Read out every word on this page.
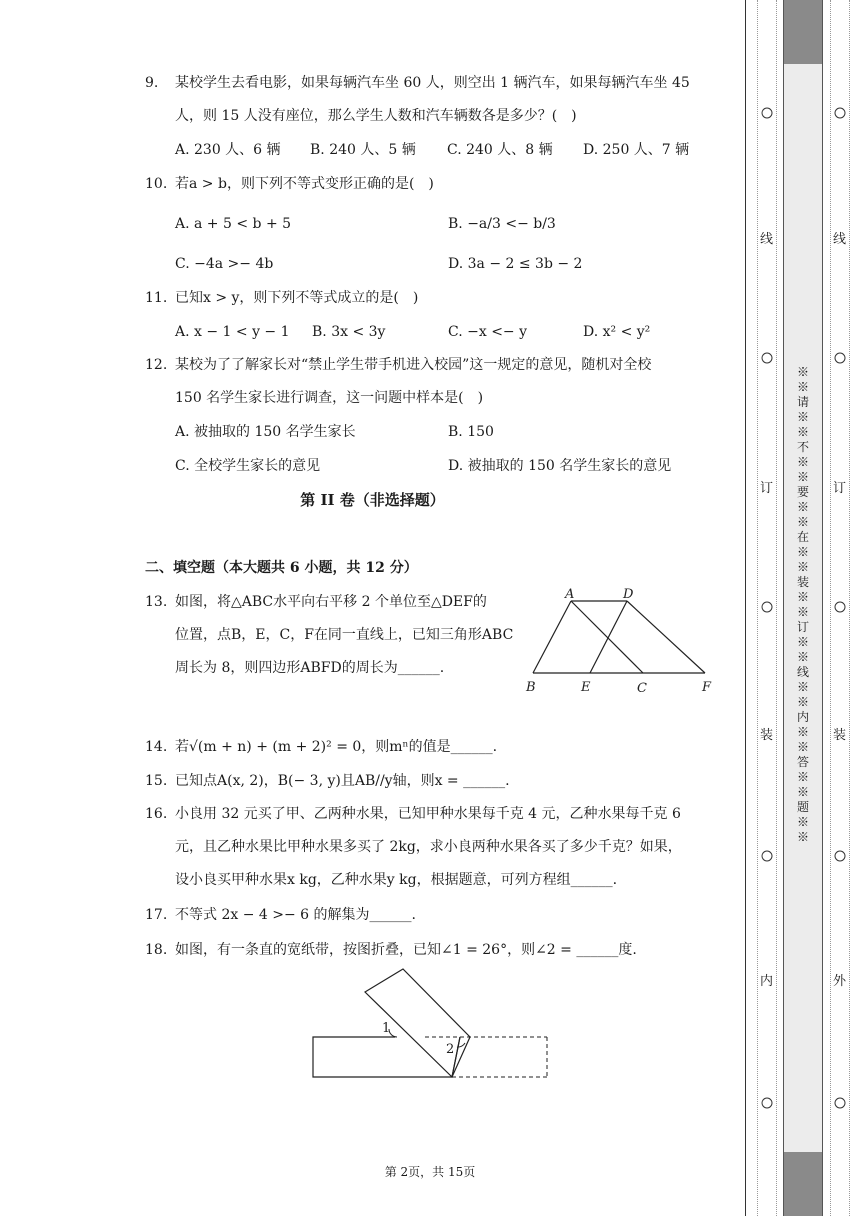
9. 某校学生去看电影，如果每辆汽车坐 60 人，则空出 1 辆汽车，如果每辆汽车坐 45
人，则 15 人没有座位，那么学生人数和汽车辆数各是多少？(　)
A. 230 人、6 辆 B. 240 人、5 辆 C. 240 人、8 辆 D. 250 人、7 辆
10. 若a > b，则下列不等式变形正确的是(　)
A. a + 5 < b + 5	B. −a/3 <− b/3
C. −4a >− 4b	D. 3a − 2 ≤ 3b − 2
11. 已知x > y，则下列不等式成立的是(　)
A. x − 1 < y − 1 B. 3x < 3y	C. −x <− y	D. x² < y²
12. 某校为了了解家长对“禁止学生带手机进入校园”这一规定的意见，随机对全校
150 名学生家长进行调查，这一问题中样本是(　)
A. 被抽取的 150 名学生家长	B. 150
C. 全校学生家长的意见	D. 被抽取的 150 名学生家长的意见
第 II 卷（非选择题）
二、填空题（本大题共 6 小题，共 12 分）
13. 如图，将△ABC水平向右平移 2 个单位至△DEF的
位置，点B，E，C，F在同一直线上，已知三角形ABC
周长为 8，则四边形ABFD的周长为______.
A	D
B	E	C	F
14. 若√(m + n) + (m + 2)² = 0，则mⁿ的值是______.
15. 已知点A(x, 2)，B(− 3, y)且AB//y轴，则x = ______.
16. 小良用 32 元买了甲、乙两种水果，已知甲种水果每千克 4 元，乙种水果每千克 6
元，且乙种水果比甲种水果多买了 2kg，求小良两种水果各买了多少千克？如果，
设小良买甲种水果x kg，乙种水果y kg，根据题意，可列方程组______.
17. 不等式 2x − 4 >− 6 的解集为______.
18. 如图，有一条直的宽纸带，按图折叠，已知∠1 = 26°，则∠2 = ______度.
1
2
第 2页，共 15页
线
订
装
内
※※请※※不※※要※※在※※装※※订※※线※※内※※答※※题※※
线
订
装
外
